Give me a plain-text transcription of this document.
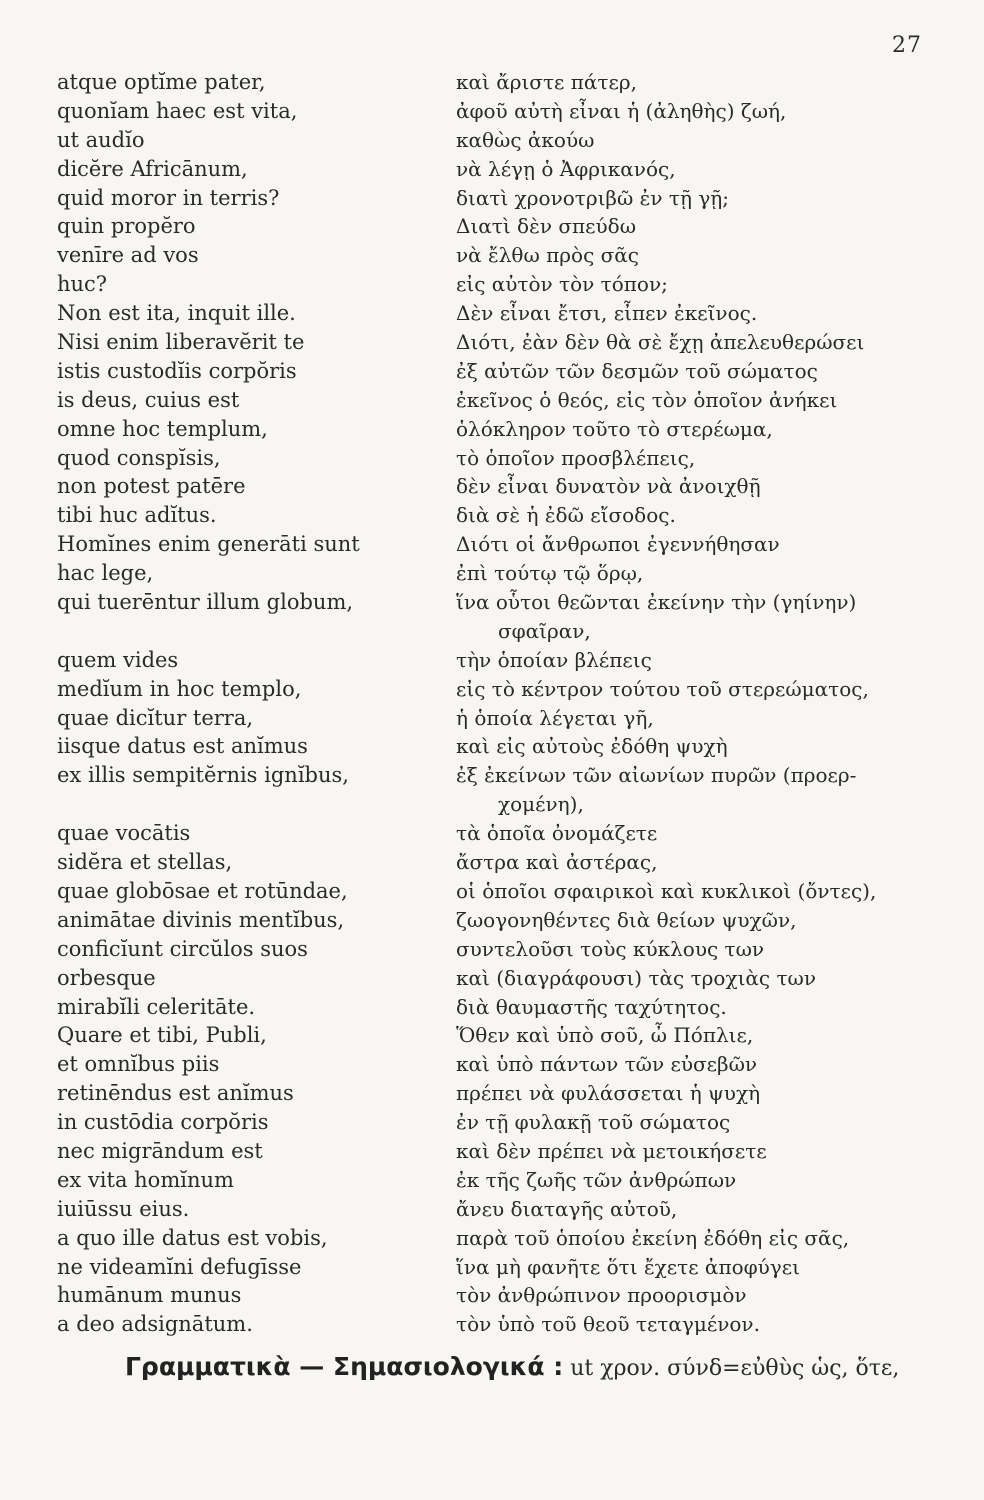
27
atque optĭme pater,
quonĭam haec est vita,
ut audĭo
dicĕre Africānum,
quid moror in terris?
quin propĕro
venīre ad vos
huc?
Non est ita, inquit ille.
Nisi enim liberavĕrit te
istis custodĭis corpŏris
is deus, cuius est
omne hoc templum,
quod conspĭsis,
non potest patēre
tibi huc adĭtus.
Homĭnes enim generāti sunt
hac lege,
qui tuerēntur illum globum,
quem vides
medĭum in hoc templo,
quae dicĭtur terra,
iisque datus est anĭmus
ex illis sempitĕrnis ignĭbus,
quae vocātis
sidĕra et stellas,
quae globōsae et rotūndae,
animātae divinis mentĭbus,
conficĭunt circŭlos suos
orbesque
mirabĭli celeritāte.
Quare et tibi, Publi,
et omnĭbus piis
retinēndus est anĭmus
in custōdia corpŏris
nec migrāndum est
ex vita homĭnum
iuiūssu eius.
a quo ille datus est vobis,
ne videamĭni defugīsse
humānum munus
a deo adsignātum.
καὶ ἄριστε πάτερ,
ἀφοῦ αὐτὴ εἶναι ἡ (ἀληθὴς) ζωή,
καθὼς ἀκούω
νὰ λέγῃ ὁ Ἀφρικανός,
διατὶ χρονοτριβῶ ἐν τῇ γῇ;
Διατὶ δὲν σπεύδω
νὰ ἔλθω πρὸς σᾶς
εἰς αὐτὸν τὸν τόπον;
Δὲν εἶναι ἔτσι, εἶπεν ἐκεῖνος.
Διότι, ἐὰν δὲν θὰ σὲ ἔχῃ ἀπελευθερώσει
ἐξ αὐτῶν τῶν δεσμῶν τοῦ σώματος
ἐκεῖνος ὁ θεός, εἰς τὸν ὁποῖον ἀνήκει
ὁλόκληρον τοῦτο τὸ στερέωμα,
τὸ ὁποῖον προσβλέπεις,
δὲν εἶναι δυνατὸν νὰ ἀνοιχθῇ
διὰ σὲ ἡ ἐδῶ εἴσοδος.
Διότι οἱ ἄνθρωποι ἐγεννήθησαν
ἐπὶ τούτῳ τῷ ὅρῳ,
ἵνα οὗτοι θεῶνται ἐκείνην τὴν (γηίνην)
σφαῖραν,
τὴν ὁποίαν βλέπεις
εἰς τὸ κέντρον τούτου τοῦ στερεώματος,
ἡ ὁποία λέγεται γῆ,
καὶ εἰς αὐτοὺς ἐδόθη ψυχὴ
ἐξ ἐκείνων τῶν αἰωνίων πυρῶν (προερ-
χομένη),
τὰ ὁποῖα ὀνομάζετε
ἄστρα καὶ ἀστέρας,
οἱ ὁποῖοι σφαιρικοὶ καὶ κυκλικοὶ (ὄντες),
ζωογονηθέντες διὰ θείων ψυχῶν,
συντελοῦσι τοὺς κύκλους των
καὶ (διαγράφουσι) τὰς τροχιὰς των
διὰ θαυμαστῆς ταχύτητος.
Ὅθεν καὶ ὑπὸ σοῦ, ὦ Πόπλιε,
καὶ ὑπὸ πάντων τῶν εὐσεβῶν
πρέπει νὰ φυλάσσεται ἡ ψυχὴ
ἐν τῇ φυλακῇ τοῦ σώματος
καὶ δὲν πρέπει νὰ μετοικήσετε
ἐκ τῆς ζωῆς τῶν ἀνθρώπων
ἄνευ διαταγῆς αὐτοῦ,
παρὰ τοῦ ὁποίου ἐκείνη ἐδόθη εἰς σᾶς,
ἵνα μὴ φανῆτε ὅτι ἔχετε ἀποφύγει
τὸν ἀνθρώπινον προορισμὸν
τὸν ὑπὸ τοῦ θεοῦ τεταγμένον.
Γραμματικὰ — Σημασιολογικά : ut χρον. σύνδ=εὐθὺς ὡς, ὅτε,
